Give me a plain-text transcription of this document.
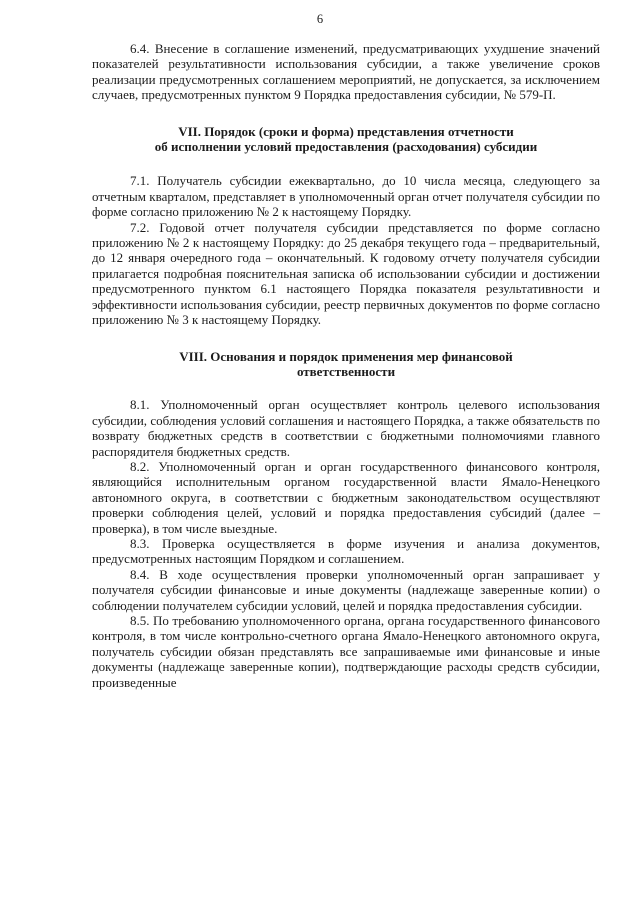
6

6.4. Внесение в соглашение изменений, предусматривающих ухудшение значений показателей результативности использования субсидии, а также увеличение сроков реализации предусмотренных соглашением мероприятий, не допускается, за исключением случаев, предусмотренных пунктом 9 Порядка предоставления субсидии, № 579-П.

VII. Порядок (сроки и форма) представления отчетности
об исполнении условий предоставления (расходования) субсидии

7.1. Получатель субсидии ежеквартально, до 10 числа месяца, следующего за отчетным кварталом, представляет в уполномоченный орган отчет получателя субсидии по форме согласно приложению № 2 к настоящему Порядку.

7.2. Годовой отчет получателя субсидии представляется по форме согласно приложению № 2 к настоящему Порядку: до 25 декабря текущего года – предварительный, до 12 января очередного года – окончательный. К годовому отчету получателя субсидии прилагается подробная пояснительная записка об использовании субсидии и достижении предусмотренного пунктом 6.1 настоящего Порядка показателя результативности и эффективности использования субсидии, реестр первичных документов по форме согласно приложению № 3 к настоящему Порядку.

VIII. Основания и порядок применения мер финансовой
ответственности

8.1. Уполномоченный орган осуществляет контроль целевого использования субсидии, соблюдения условий соглашения и настоящего Порядка, а также обязательств по возврату бюджетных средств в соответствии с бюджетными полномочиями главного распорядителя бюджетных средств.

8.2. Уполномоченный орган и орган государственного финансового контроля, являющийся исполнительным органом государственной власти Ямало-Ненецкого автономного округа, в соответствии с бюджетным законодательством осуществляют проверки соблюдения целей, условий и порядка предоставления субсидий (далее – проверка), в том числе выездные.

8.3. Проверка осуществляется в форме изучения и анализа документов, предусмотренных настоящим Порядком и соглашением.

8.4. В ходе осуществления проверки уполномоченный орган запрашивает у получателя субсидии финансовые и иные документы (надлежаще заверенные копии) о соблюдении получателем субсидии условий, целей и порядка предоставления субсидии.

8.5. По требованию уполномоченного органа, органа государственного финансового контроля, в том числе контрольно-счетного органа Ямало-Ненецкого автономного округа, получатель субсидии обязан представлять все запрашиваемые ими финансовые и иные документы (надлежаще заверенные копии), подтверждающие расходы средств субсидии, произведенные
